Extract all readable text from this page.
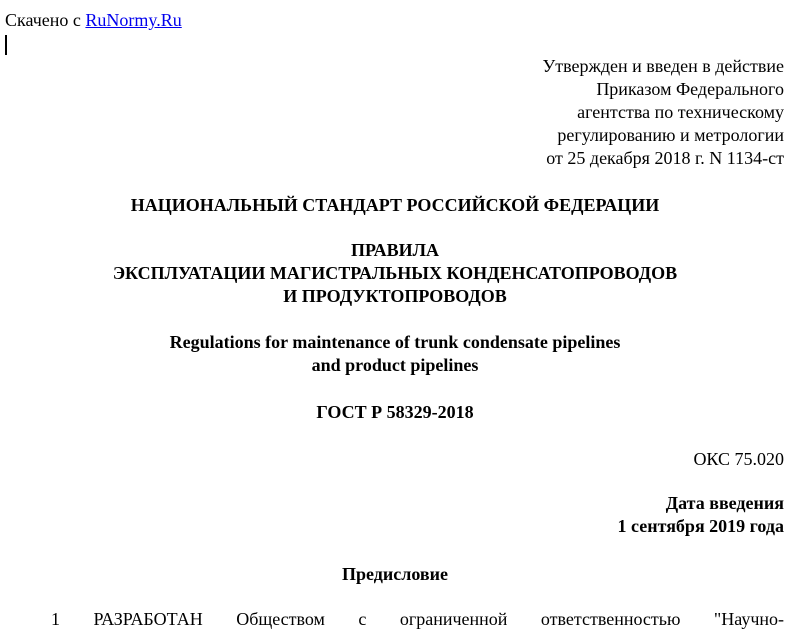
Скачено с RuNormy.Ru
Утвержден и введен в действие
Приказом Федерального
агентства по техническому
регулированию и метрологии
от 25 декабря 2018 г. N 1134-ст
НАЦИОНАЛЬНЫЙ СТАНДАРТ РОССИЙСКОЙ ФЕДЕРАЦИИ
ПРАВИЛА
ЭКСПЛУАТАЦИИ МАГИСТРАЛЬНЫХ КОНДЕНСАТОПРОВОДОВ
И ПРОДУКТОПРОВОДОВ
Regulations for maintenance of trunk condensate pipelines
and product pipelines
ГОСТ Р 58329-2018
ОКС 75.020
Дата введения
1 сентября 2019 года
Предисловие
1 РАЗРАБОТАН Обществом с ограниченной ответственностью "Научно-
